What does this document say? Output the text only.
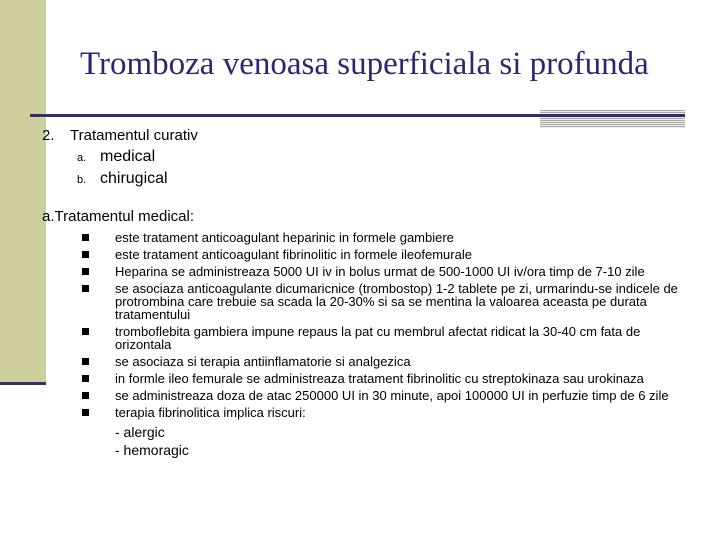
Tromboza venoasa superficiala si profunda
2. Tratamentul curativ
a. medical
b. chirugical
a.Tratamentul medical:
este tratament anticoagulant heparinic in formele gambiere
este tratament anticoagulant fibrinolitic in formele ileofemurale
Heparina se administreaza 5000 UI iv in bolus urmat de 500-1000 UI iv/ora timp de 7-10 zile
se asociaza anticoagulante dicumaricnice (trombostop) 1-2 tablete pe zi, urmarindu-se indicele de protrombina care trebuie sa scada la 20-30% si sa se mentina la valoarea aceasta pe durata tratamentului
tromboflebita gambiera impune repaus la pat cu membrul afectat ridicat la 30-40 cm fata de orizontala
se asociaza si terapia antiinflamatorie si analgezica
in formle ileo femurale se administreaza tratament fibrinolitic cu streptokinaza sau urokinaza
se administreaza doza de atac 250000 UI in 30 minute, apoi 100000 UI in perfuzie timp de 6 zile
terapia fibrinolitica implica riscuri:
- alergic
- hemoragic
